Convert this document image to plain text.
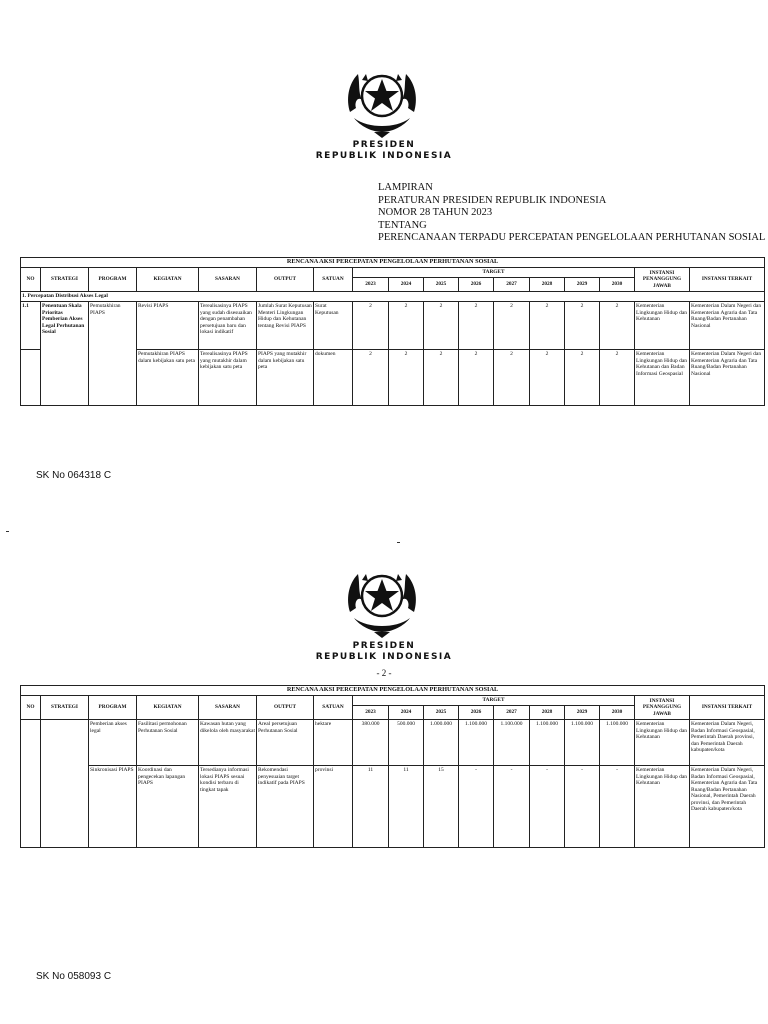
PRESIDEN
REPUBLIK INDONESIA
LAMPIRAN
PERATURAN PRESIDEN REPUBLIK INDONESIA
NOMOR 28 TAHUN 2023
TENTANG
PERENCANAAN TERPADU PERCEPATAN PENGELOLAAN PERHUTANAN SOSIAL
RENCANA AKSI PERCEPATAN PENGELOLAAN PERHUTANAN SOSIAL																
NO	STRATEGI	PROGRAM	KEGIATAN	SASARAN	OUTPUT	SATUAN	TARGET								INSTANSI PENANGGUNG JAWAB	INSTANSI TERKAIT
							2023	2024	2025	2026	2027	2028	2029	2030		
1. Percepatan Distribusi Akses Legal																
1.1	Penentuan Skala Prioritas Pemberian Akses Legal Perhutanan Sosial	Pemutakhiran PIAPS	Revisi PIAPS	Terealisasinya PIAPS yang sudah disesuaikan dengan penambahan persetujuan baru dan lokasi indikatif	Jumlah Surat Keputusan Menteri Lingkungan Hidup dan Kehutanan tentang Revisi PIAPS	Surat Keputusan	2	2	2	2	2	2	2	2	Kementerian Lingkungan Hidup dan Kehutanan	Kementerian Dalam Negeri dan Kementerian Agraria dan Tata Ruang/Badan Pertanahan Nasional
			Pemutakhiran PIAPS dalam kebijakan satu peta	Terealisasinya PIAPS yang mutakhir dalam kebijakan satu peta	PIAPS yang mutakhir dalam kebijakan satu peta	dokumen	2	2	2	2	2	2	2	2	Kementerian Lingkungan Hidup dan Kehutanan dan Badan Informasi Geospasial	Kementerian Dalam Negeri dan Kementerian Agraria dan Tata Ruang/Badan Pertanahan Nasional
SK No 064318 C
PRESIDEN
REPUBLIK INDONESIA
- 2 -
RENCANA AKSI PERCEPATAN PENGELOLAAN PERHUTANAN SOSIAL																
NO	STRATEGI	PROGRAM	KEGIATAN	SASARAN	OUTPUT	SATUAN	TARGET								INSTANSI PENANGGUNG JAWAB	INSTANSI TERKAIT
							2023	2024	2025	2026	2027	2028	2029	2030		
		Pemberian akses legal	Fasilitasi permohonan Perhutanan Sosial	Kawasan hutan yang dikelola oleh masyarakat	Areal persetujuan Perhutanan Sosial	hektare	380.000	500.000	1.000.000	1.100.000	1.100.000	1.100.000	1.100.000	1.100.000	Kementerian Lingkungan Hidup dan Kehutanan	Kementerian Dalam Negeri, Badan Informasi Geospasial, Pemerintah Daerah provinsi, dan Pemerintah Daerah kabupaten/kota
		Sinkronisasi PIAPS	Koordinasi dan pengecekan lapangan PIAPS	Tersedianya informasi lokasi PIAPS sesuai kondisi terbaru di tingkat tapak	Rekomendasi penyesuaian target indikatif pada PIAPS	provinsi	11	11	15	-	-	-	-	-	Kementerian Lingkungan Hidup dan Kehutanan	Kementerian Dalam Negeri, Badan Informasi Geospasial, Kementerian Agraria dan Tata Ruang/Badan Pertanahan Nasional, Pemerintah Daerah provinsi, dan Pemerintah Daerah kabupaten/kota
SK No 058093 C
